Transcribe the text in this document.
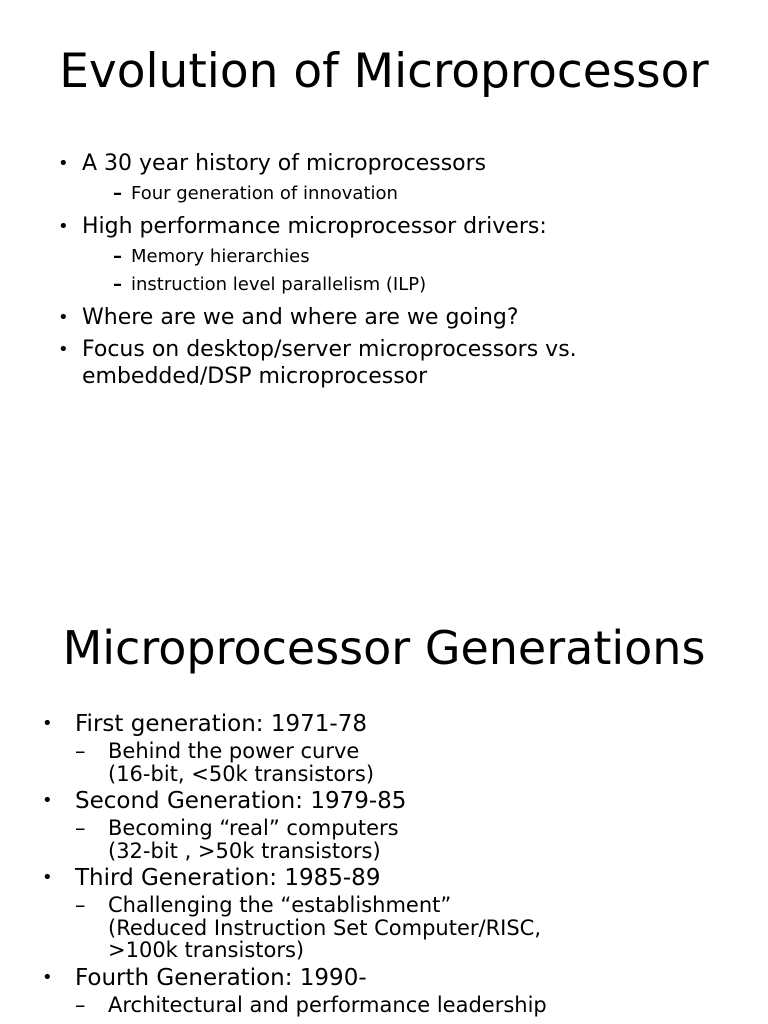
Evolution of Microprocessor
• A 30 year history of microprocessors
– Four generation of innovation
• High performance microprocessor drivers:
– Memory hierarchies
– instruction level parallelism (ILP)
• Where are we and where are we going?
• Focus on desktop/server microprocessors vs.
embedded/DSP microprocessor
Microprocessor Generations
• First generation: 1971-78
– Behind the power curve
(16-bit, <50k transistors)
• Second Generation: 1979-85
– Becoming “real” computers
(32-bit , >50k transistors)
• Third Generation: 1985-89
– Challenging the “establishment”
(Reduced Instruction Set Computer/RISC,
>100k transistors)
• Fourth Generation: 1990-
– Architectural and performance leadership
